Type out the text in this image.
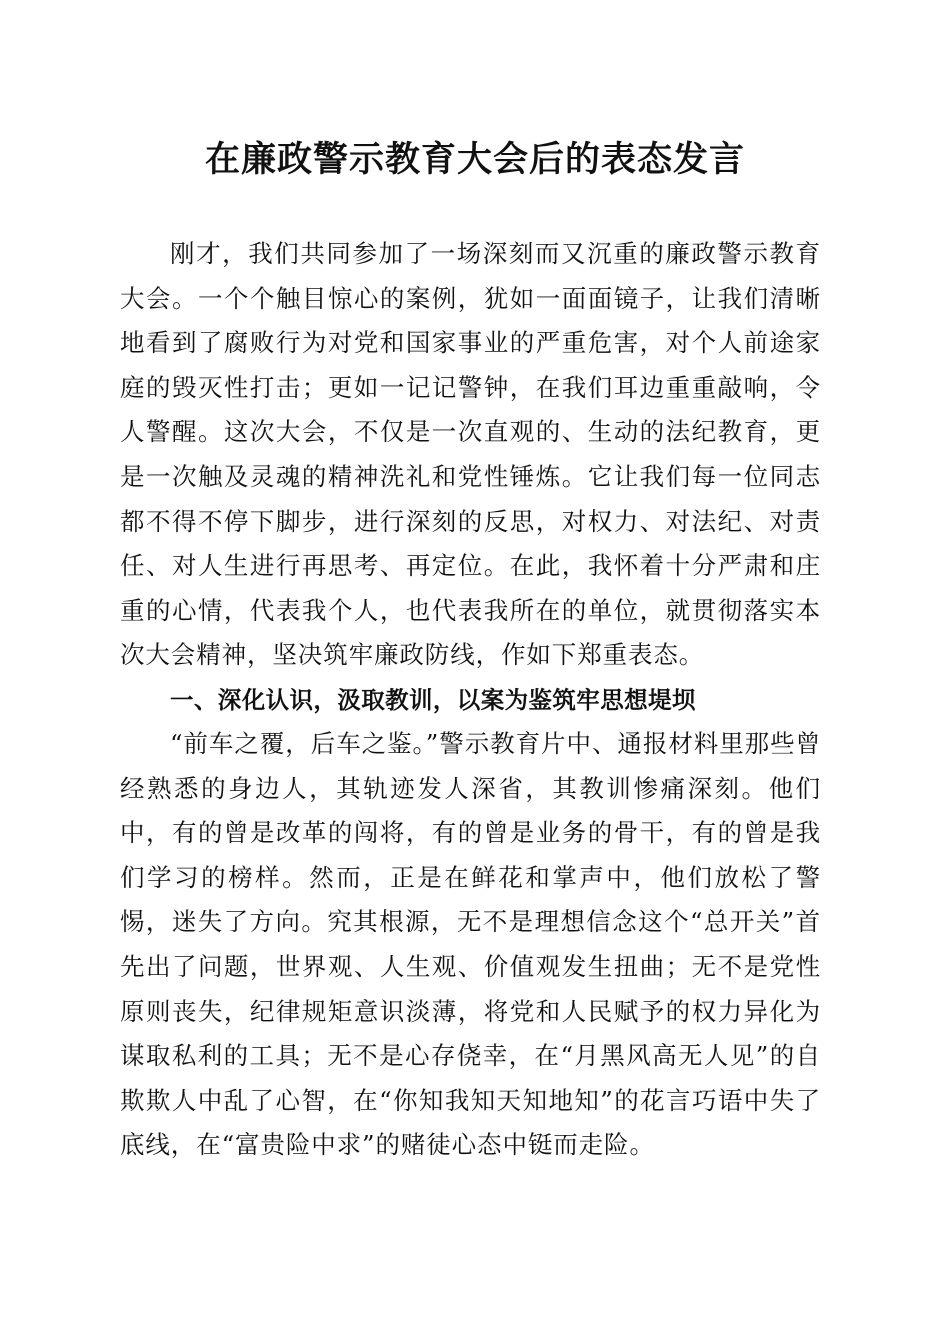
在廉政警示教育大会后的表态发言

刚才，我们共同参加了一场深刻而又沉重的廉政警示教育大会。一个个触目惊心的案例，犹如一面面镜子，让我们清晰地看到了腐败行为对党和国家事业的严重危害，对个人前途家庭的毁灭性打击；更如一记记警钟，在我们耳边重重敲响，令人警醒。这次大会，不仅是一次直观的、生动的法纪教育，更是一次触及灵魂的精神洗礼和党性锤炼。它让我们每一位同志都不得不停下脚步，进行深刻的反思，对权力、对法纪、对责任、对人生进行再思考、再定位。在此，我怀着十分严肃和庄重的心情，代表我个人，也代表我所在的单位，就贯彻落实本次大会精神，坚决筑牢廉政防线，作如下郑重表态。

一、深化认识，汲取教训，以案为鉴筑牢思想堤坝

“前车之覆，后车之鉴。”警示教育片中、通报材料里那些曾经熟悉的身边人，其轨迹发人深省，其教训惨痛深刻。他们中，有的曾是改革的闯将，有的曾是业务的骨干，有的曾是我们学习的榜样。然而，正是在鲜花和掌声中，他们放松了警惕，迷失了方向。究其根源，无不是理想信念这个“总开关”首先出了问题，世界观、人生观、价值观发生扭曲；无不是党性原则丧失，纪律规矩意识淡薄，将党和人民赋予的权力异化为谋取私利的工具；无不是心存侥幸，在“月黑风高无人见”的自欺欺人中乱了心智，在“你知我知天知地知”的花言巧语中失了底线，在“富贵险中求”的赌徒心态中铤而走险。
